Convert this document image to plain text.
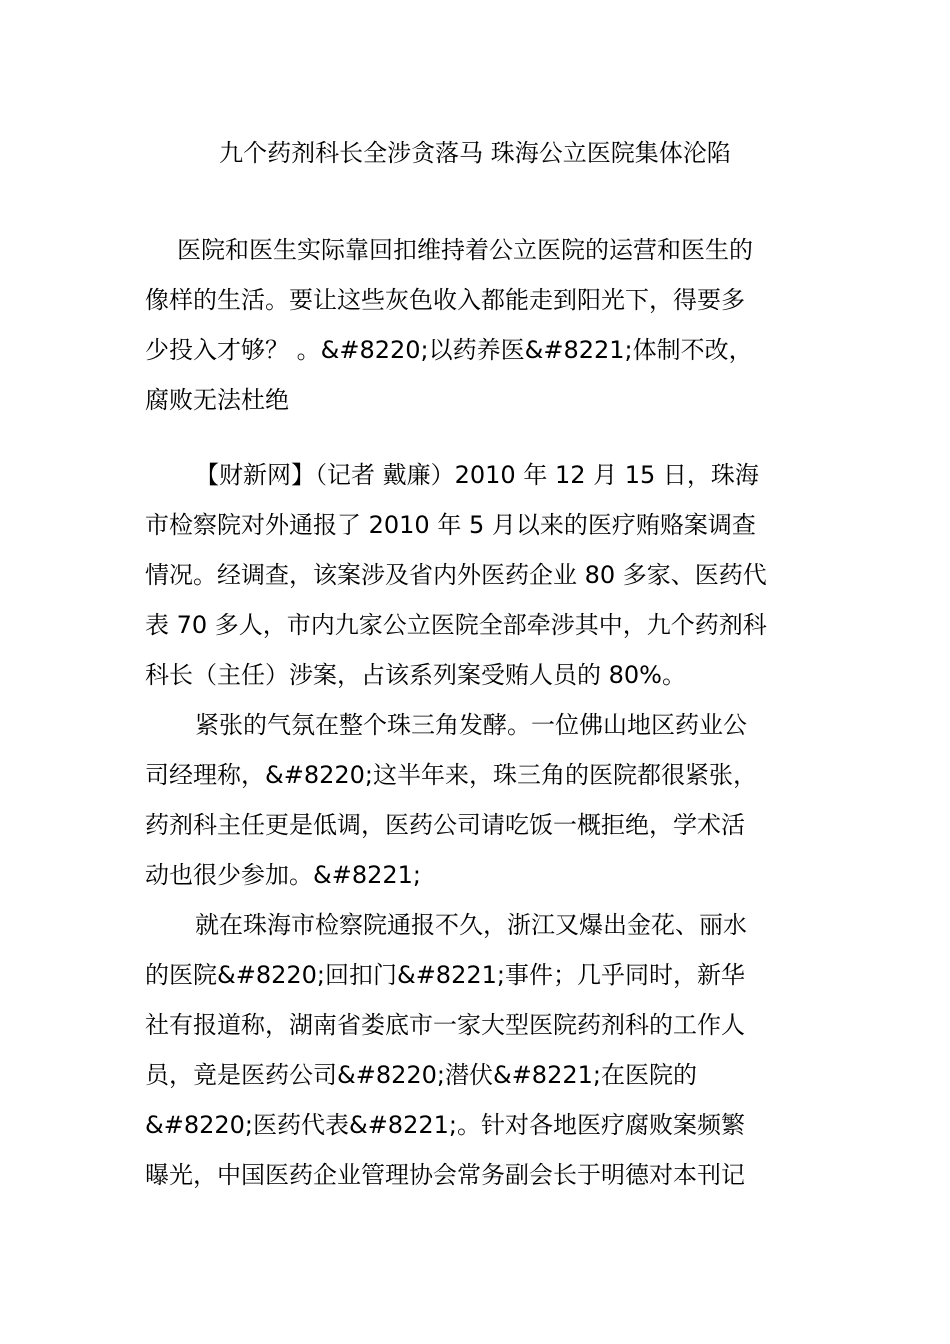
九个药剂科长全涉贪落马 珠海公立医院集体沦陷
医院和医生实际靠回扣维持着公立医院的运营和医生的
像样的生活。要让这些灰色收入都能走到阳光下，得要多
少投入才够？ 。&#8220;以药养医&#8221;体制不改，
腐败无法杜绝
【财新网】（记者 戴廉）2010 年 12 月 15 日，珠海
市检察院对外通报了 2010 年 5 月以来的医疗贿赂案调查
情况。经调查，该案涉及省内外医药企业 80 多家、医药代
表 70 多人，市内九家公立医院全部牵涉其中，九个药剂科
科长（主任）涉案，占该系列案受贿人员的 80%。
紧张的气氛在整个珠三角发酵。一位佛山地区药业公
司经理称，&#8220;这半年来，珠三角的医院都很紧张，
药剂科主任更是低调，医药公司请吃饭一概拒绝，学术活
动也很少参加。&#8221;
就在珠海市检察院通报不久，浙江又爆出金花、丽水
的医院&#8220;回扣门&#8221;事件；几乎同时，新华
社有报道称，湖南省娄底市一家大型医院药剂科的工作人
员，竟是医药公司&#8220;潜伏&#8221;在医院的
&#8220;医药代表&#8221;。针对各地医疗腐败案频繁
曝光，中国医药企业管理协会常务副会长于明德对本刊记
